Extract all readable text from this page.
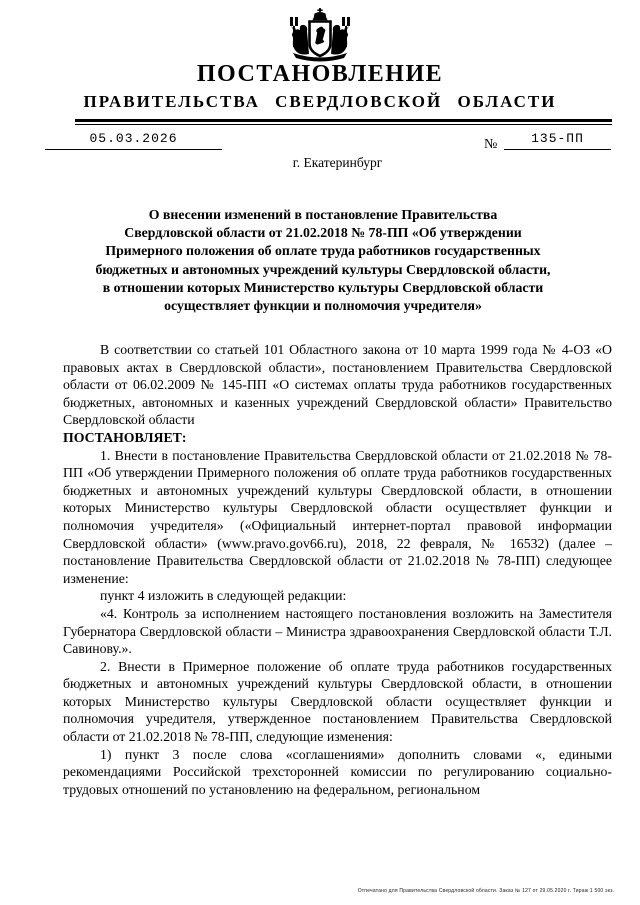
ПОСТАНОВЛЕНИЕ
ПРАВИТЕЛЬСТВА СВЕРДЛОВСКОЙ ОБЛАСТИ
05.03.2026	№	135-ПП
г. Екатеринбург
О внесении изменений в постановление Правительства
Свердловской области от 21.02.2018 № 78-ПП «Об утверждении
Примерного положения об оплате труда работников государственных
бюджетных и автономных учреждений культуры Свердловской области,
в отношении которых Министерство культуры Свердловской области
осуществляет функции и полномочия учредителя»

В соответствии со статьей 101 Областного закона от 10 марта 1999 года № 4-ОЗ «О правовых актах в Свердловской области», постановлением Правительства Свердловской области от 06.02.2009 № 145-ПП «О системах оплаты труда работников государственных бюджетных, автономных и казенных учреждений Свердловской области» Правительство Свердловской области

ПОСТАНОВЛЯЕТ:

1. Внести в постановление Правительства Свердловской области от 21.02.2018 № 78-ПП «Об утверждении Примерного положения об оплате труда работников государственных бюджетных и автономных учреждений культуры Свердловской области, в отношении которых Министерство культуры Свердловской области осуществляет функции и полномочия учредителя» («Официальный интернет-портал правовой информации Свердловской области» (www.pravo.gov66.ru), 2018, 22 февраля, № 16532) (далее – постановление Правительства Свердловской области от 21.02.2018 № 78-ПП) следующее изменение:

пункт 4 изложить в следующей редакции:

«4. Контроль за исполнением настоящего постановления возложить на Заместителя Губернатора Свердловской области – Министра здравоохранения Свердловской области Т.Л. Савинову.».

2. Внести в Примерное положение об оплате труда работников государственных бюджетных и автономных учреждений культуры Свердловской области, в отношении которых Министерство культуры Свердловской области осуществляет функции и полномочия учредителя, утвержденное постановлением Правительства Свердловской области от 21.02.2018 № 78-ПП, следующие изменения:

1) пункт 3 после слова «соглашениями» дополнить словами «, едиными рекомендациями Российской трехсторонней комиссии по регулированию социально-трудовых отношений по установлению на федеральном, региональном

Отпечатано для Правительства Свердловской области. Заказ № 127 от 29.05.2020 г. Тираж 1 500 экз.
